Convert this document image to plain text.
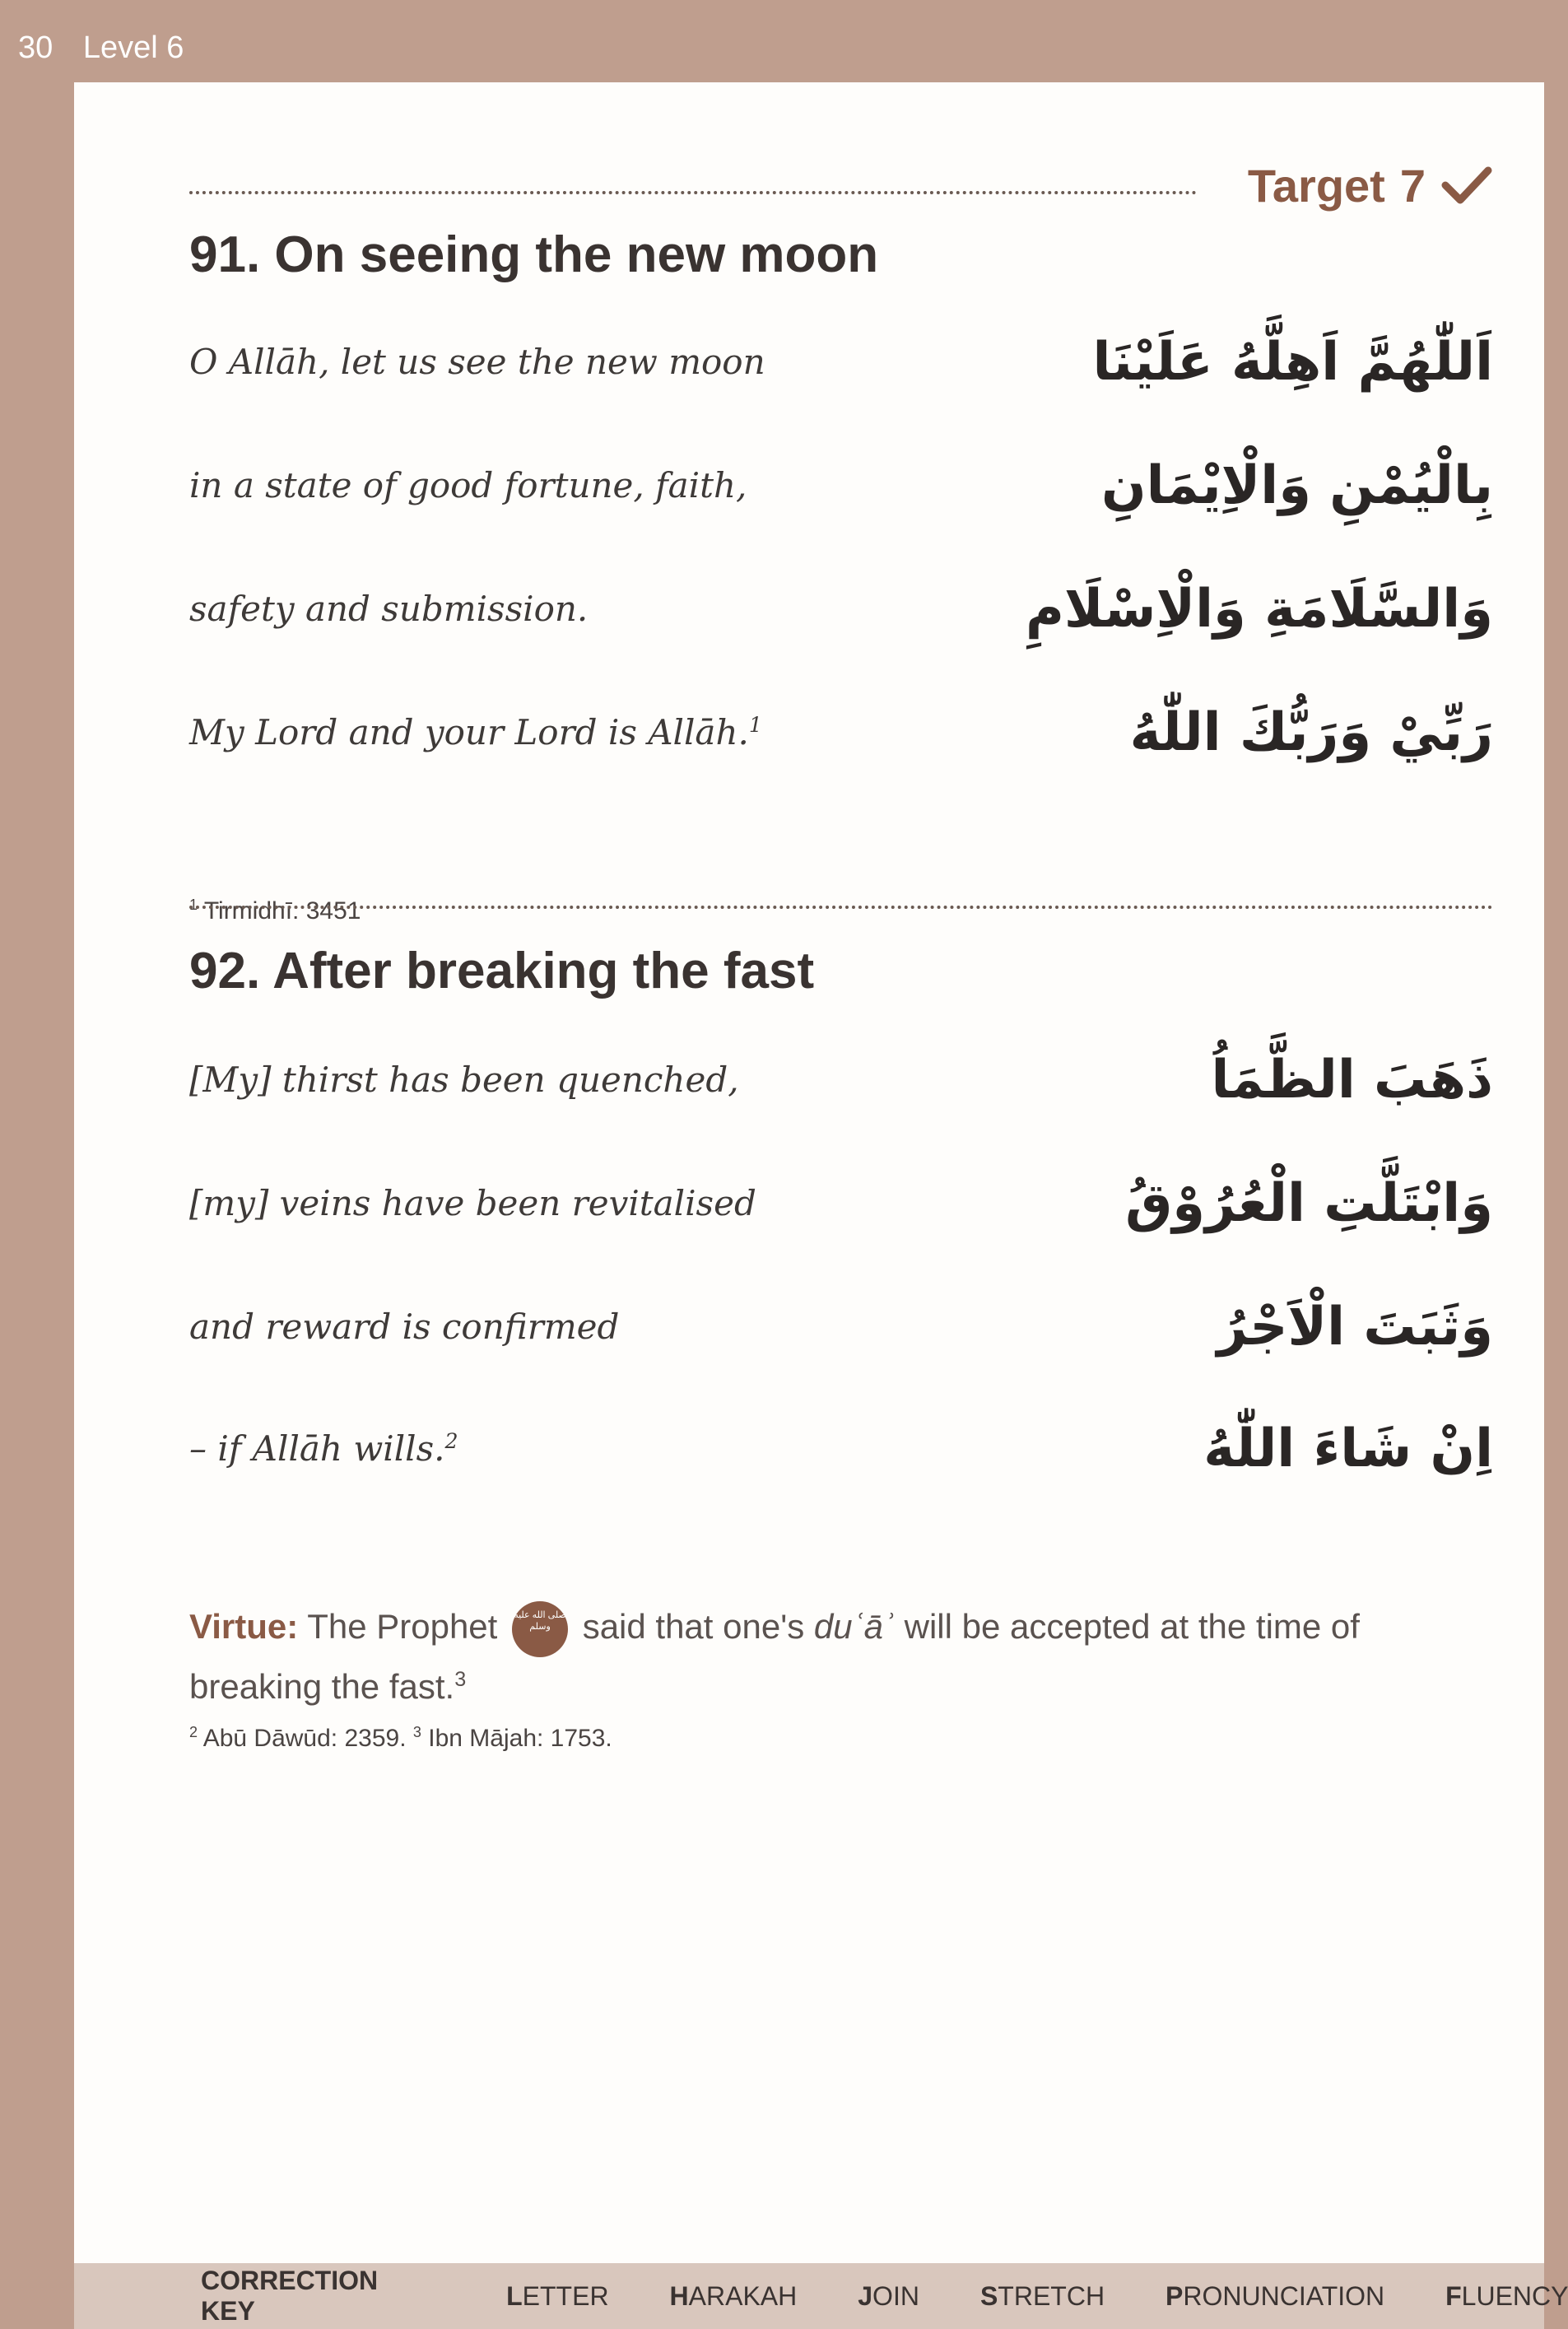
30 Level 6
Target 7
91. On seeing the new moon
O Allāh, let us see the new moon	اَللّٰهُمَّ اَهِلَّهُ عَلَيْنَا
in a state of good fortune, faith,	بِالْيُمْنِ وَالْاِيْمَانِ
safety and submission.	وَالسَّلَامَةِ وَالْاِسْلَامِ
My Lord and your Lord is Allāh.$^1$	رَبِّيْ وَرَبُّكَ اللّٰهُ
$^1$ Tirmidhī: 3451
92. After breaking the fast
[My] thirst has been quenched,	ذَهَبَ الظَّمَاُ
[my] veins have been revitalised	وَابْتَلَّتِ الْعُرُوْقُ
and reward is confirmed	وَثَبَتَ الْاَجْرُ
– if Allāh wills.$^2$	اِنْ شَاءَ اللّٰهُ
Virtue: The Prophet صلى الله عليه وسلم said that one's duʿāʾ will be accepted at the time of breaking the fast.$^3$
$^2$ Abū Dāwūd: 2359. $^3$ Ibn Mājah: 1753.
CORRECTION KEY
LETTER HARAKAH JOIN STRETCH PRONUNCIATION FLUENCY
